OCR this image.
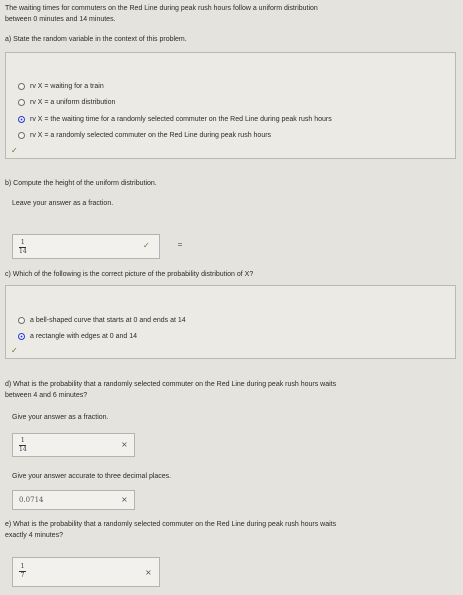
The waiting times for commuters on the Red Line during peak rush hours follow a uniform distribution
between 0 minutes and 14 minutes.
a) State the random variable in the context of this problem.
rv X = waiting for a train
rv X = a uniform distribution
rv X = the waiting time for a randomly selected commuter on the Red Line during peak rush hours
rv X = a randomly selected commuter on the Red Line during peak rush hours
✓
b) Compute the height of the uniform distribution.
Leave your answer as a fraction.
1
14
✓
c) Which of the following is the correct picture of the probability distribution of X?
a bell-shaped curve that starts at 0 and ends at 14
a rectangle with edges at 0 and 14
✓
d) What is the probability that a randomly selected commuter on the Red Line during peak rush hours waits
between 4 and 6 minutes?
Give your answer as a fraction.
1
14
×
Give your answer accurate to three decimal places.
0.0714	×
e) What is the probability that a randomly selected commuter on the Red Line during peak rush hours waits
exactly 4 minutes?
1
7	×
